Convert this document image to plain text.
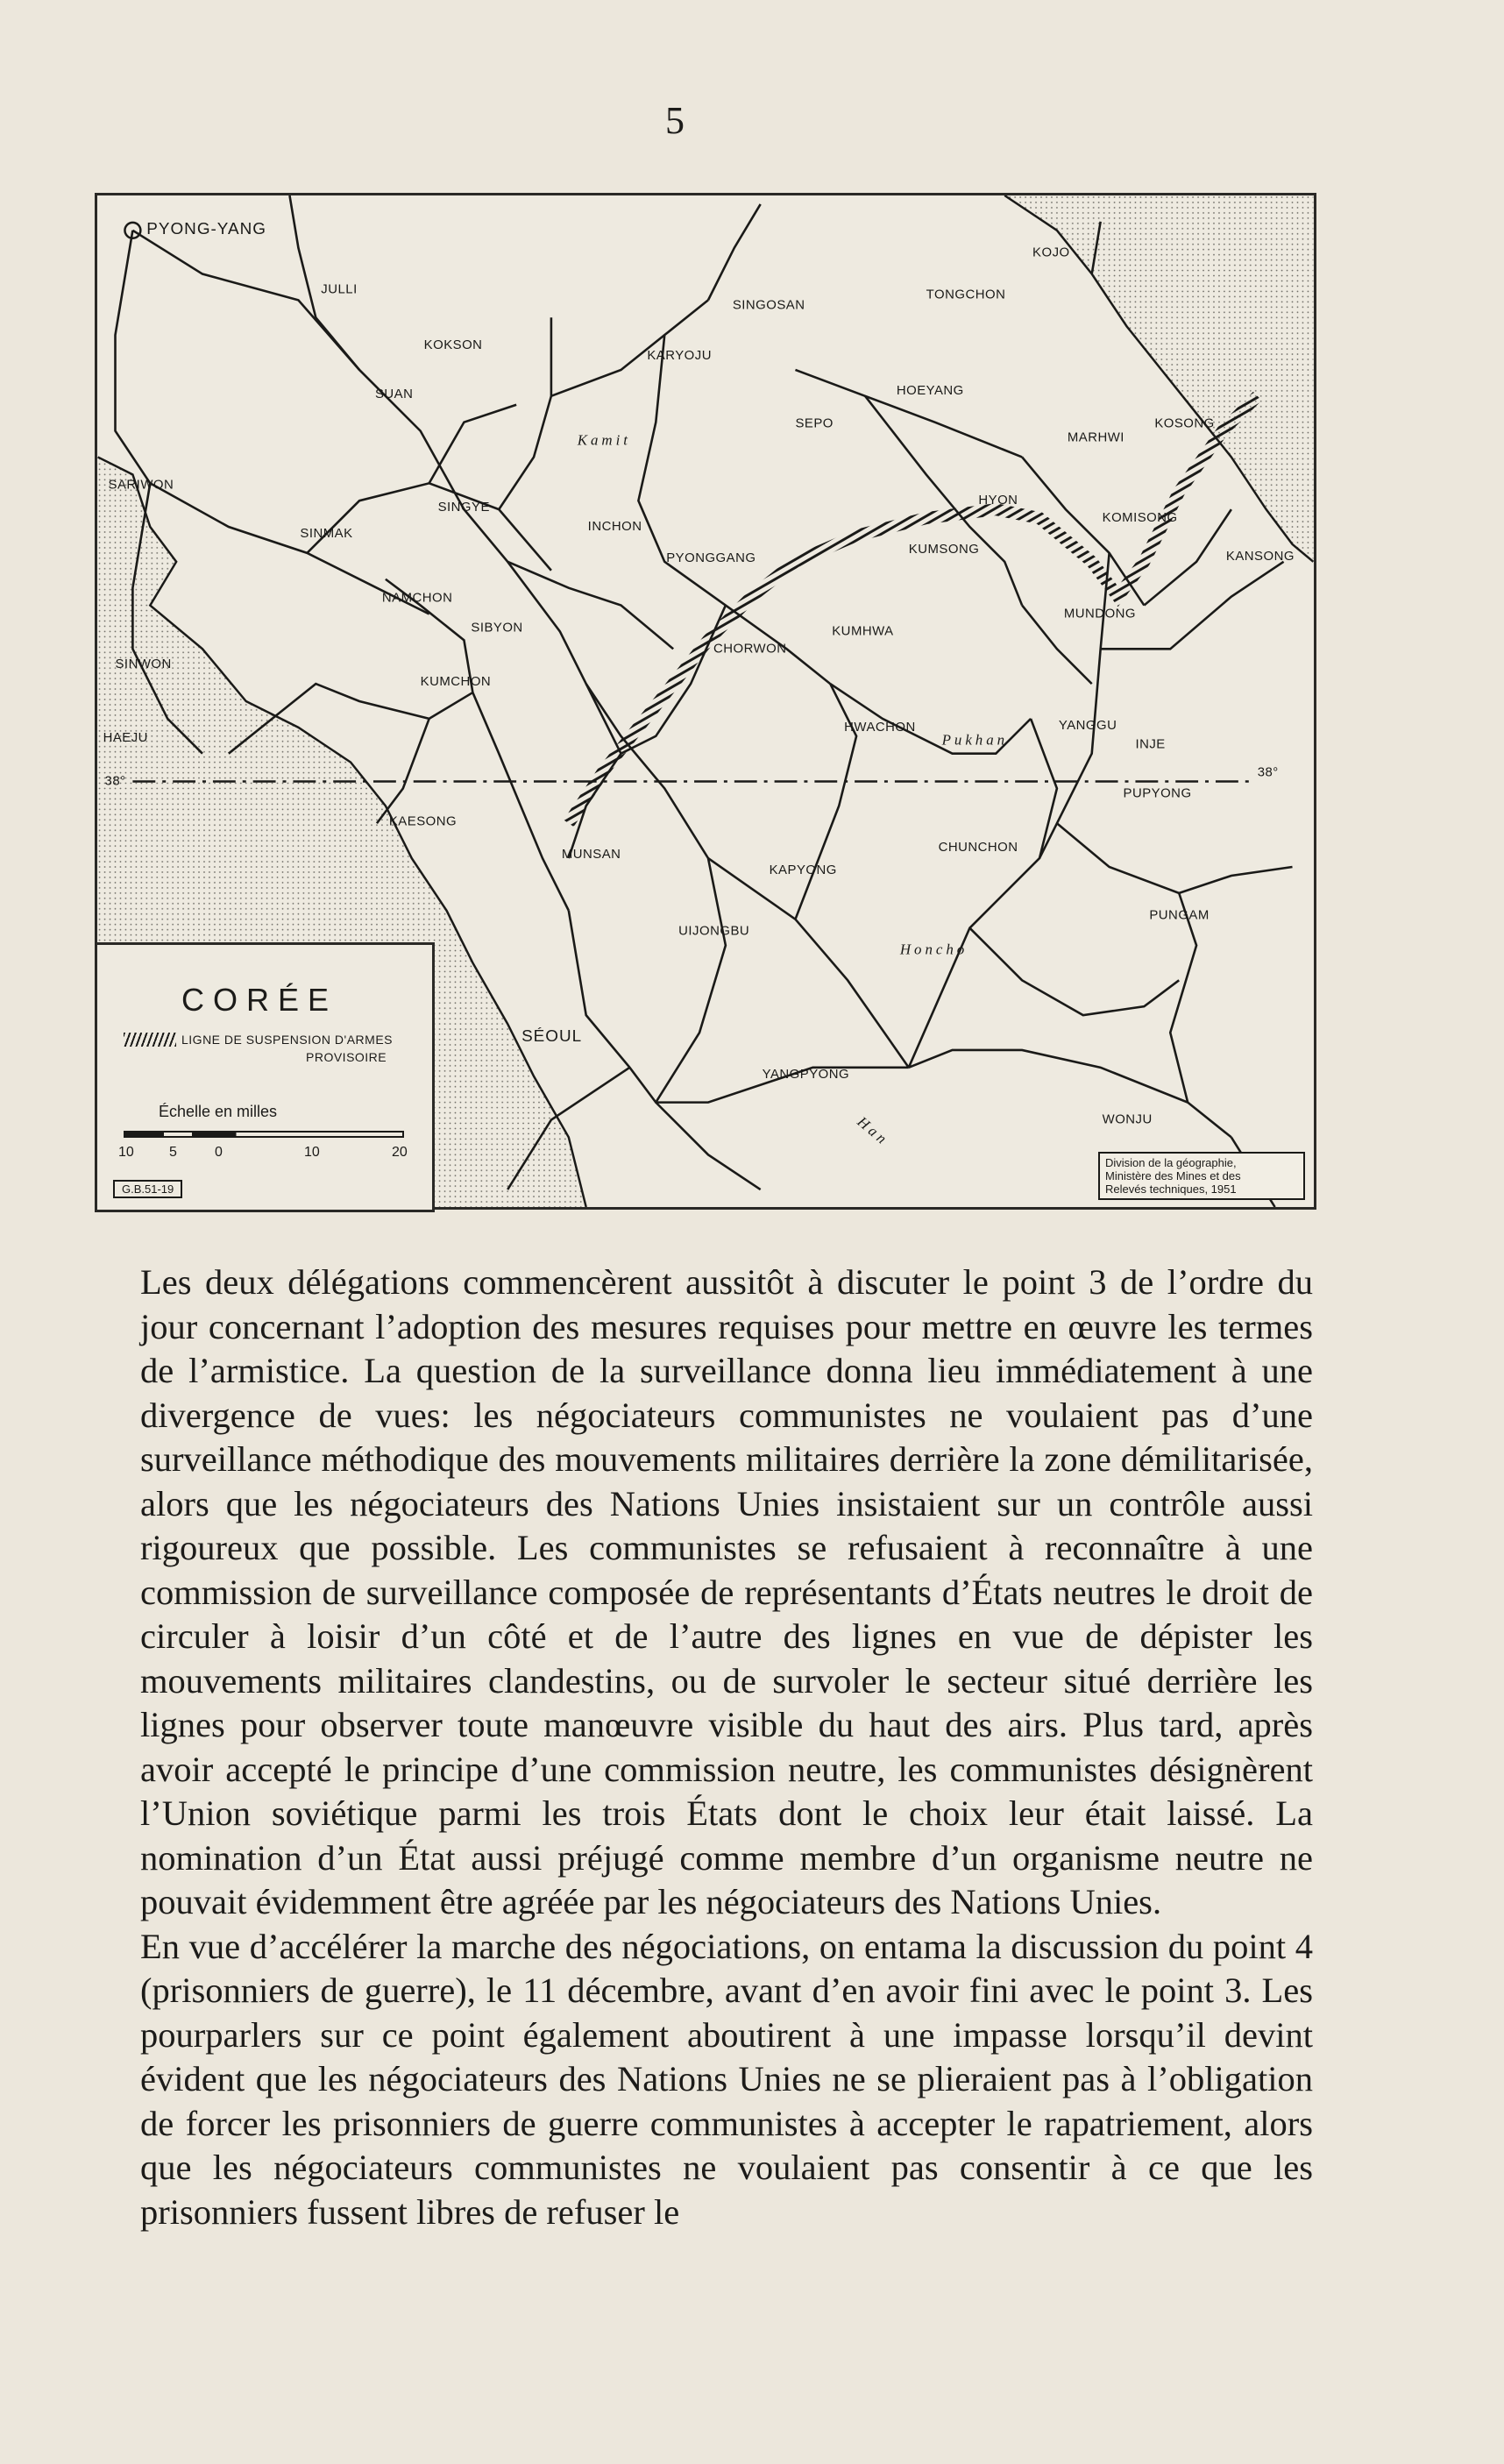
5
38°
38°
PYONG-YANG
JULLI
KOKSON
SUAN
SARIWON
SINMAK
SINGYE
NAMCHON
SIBYON
SINWON
KUMCHON
HAEJU
KAESONG
MUNSAN
SÉOUL
UIJONGBU
KAPYONG
YANGPYONG
SINGOSAN
KARYOJU
SEPO
INCHON
PYONGGANG
CHORWON
KUMHWA
KUMSONG
HOEYANG
HYON
TONGCHON
KOJO
MARHWI
KOSONG
KOMISONG
KANSONG
MUNDONG
HWACHON	YANGGU
INJE
PUPYONG
CHUNCHON
PUNGAM
WONJU
Kamit
Pukhan
Honcho
Han
CORÉE
LIGNE DE SUSPENSION D'ARMES
PROVISOIRE
Échelle en milles
10	5	0	10	20
G.B.51-19
Division de la géographie,
Ministère des Mines et des
Relevés techniques, 1951

Les deux délégations commencèrent aussitôt à discuter le point 3 de l’ordre du jour concernant l’adoption des mesures requises pour mettre en œuvre les termes de l’armistice. La question de la surveillance donna lieu immédiatement à une divergence de vues: les négociateurs communistes ne voulaient pas d’une surveillance méthodique des mouvements militaires derrière la zone démilitarisée, alors que les négociateurs des Nations Unies insistaient sur un contrôle aussi rigoureux que possible. Les communistes se refusaient à reconnaître à une commission de surveillance composée de représentants d’États neutres le droit de circuler à loisir d’un côté et de l’autre des lignes en vue de dépister les mouvements militaires clandestins, ou de survoler le secteur situé derrière les lignes pour observer toute manœuvre visible du haut des airs. Plus tard, après avoir accepté le principe d’une commission neutre, les communistes désignèrent l’Union soviétique parmi les trois États dont le choix leur était laissé. La nomination d’un État aussi préjugé comme membre d’un organisme neutre ne pouvait évidemment être agréée par les négociateurs des Nations Unies.

En vue d’accélérer la marche des négociations, on entama la discussion du point 4 (prisonniers de guerre), le 11 décembre, avant d’en avoir fini avec le point 3. Les pourparlers sur ce point également aboutirent à une impasse lorsqu’il devint évident que les négociateurs des Nations Unies ne se plieraient pas à l’obligation de forcer les prisonniers de guerre communistes à accepter le rapatriement, alors que les négociateurs communistes ne voulaient pas consentir à ce que les prisonniers fussent libres de refuser le
